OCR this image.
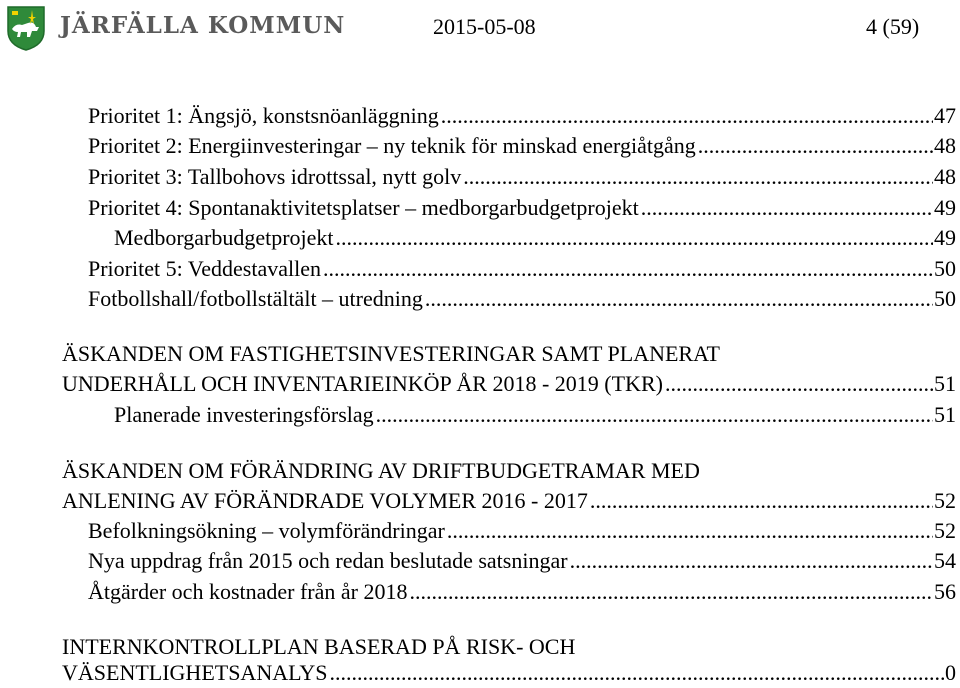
JÄRFÄLLA KOMMUN	2015-05-08	4 (59)
Prioritet 1: Ängsjö, konstsnöanläggning .....	47
Prioritet 2: Energiinvesteringar – ny teknik för minskad energiåtgång .....	48
Prioritet 3: Tallbohovs idrottssal, nytt golv .....	48
Prioritet 4: Spontanaktivitetsplatser – medborgarbudgetprojekt .....	49
Medborgarbudgetprojekt .....	49
Prioritet 5: Veddestavallen .....	50
Fotbollshall/fotbollstältält – utredning .....	50
ÄSKANDEN OM FASTIGHETSINVESTERINGAR SAMT PLANERAT
UNDERHÅLL OCH INVENTARIEINKÖP ÅR 2018 - 2019 (TKR) .....	51
Planerade investeringsförslag .....	51
ÄSKANDEN OM FÖRÄNDRING AV DRIFTBUDGETRAMAR MED
ANLENING AV FÖRÄNDRADE VOLYMER 2016 - 2017 .....	52
Befolkningsökning – volymförändringar .....	52
Nya uppdrag från 2015 och redan beslutade satsningar .....	54
Åtgärder och kostnader från år 2018 .....	56
INTERNKONTROLLPLAN BASERAD PÅ RISK- OCH
VÄSENTLIGHETSANALYS .....	0
